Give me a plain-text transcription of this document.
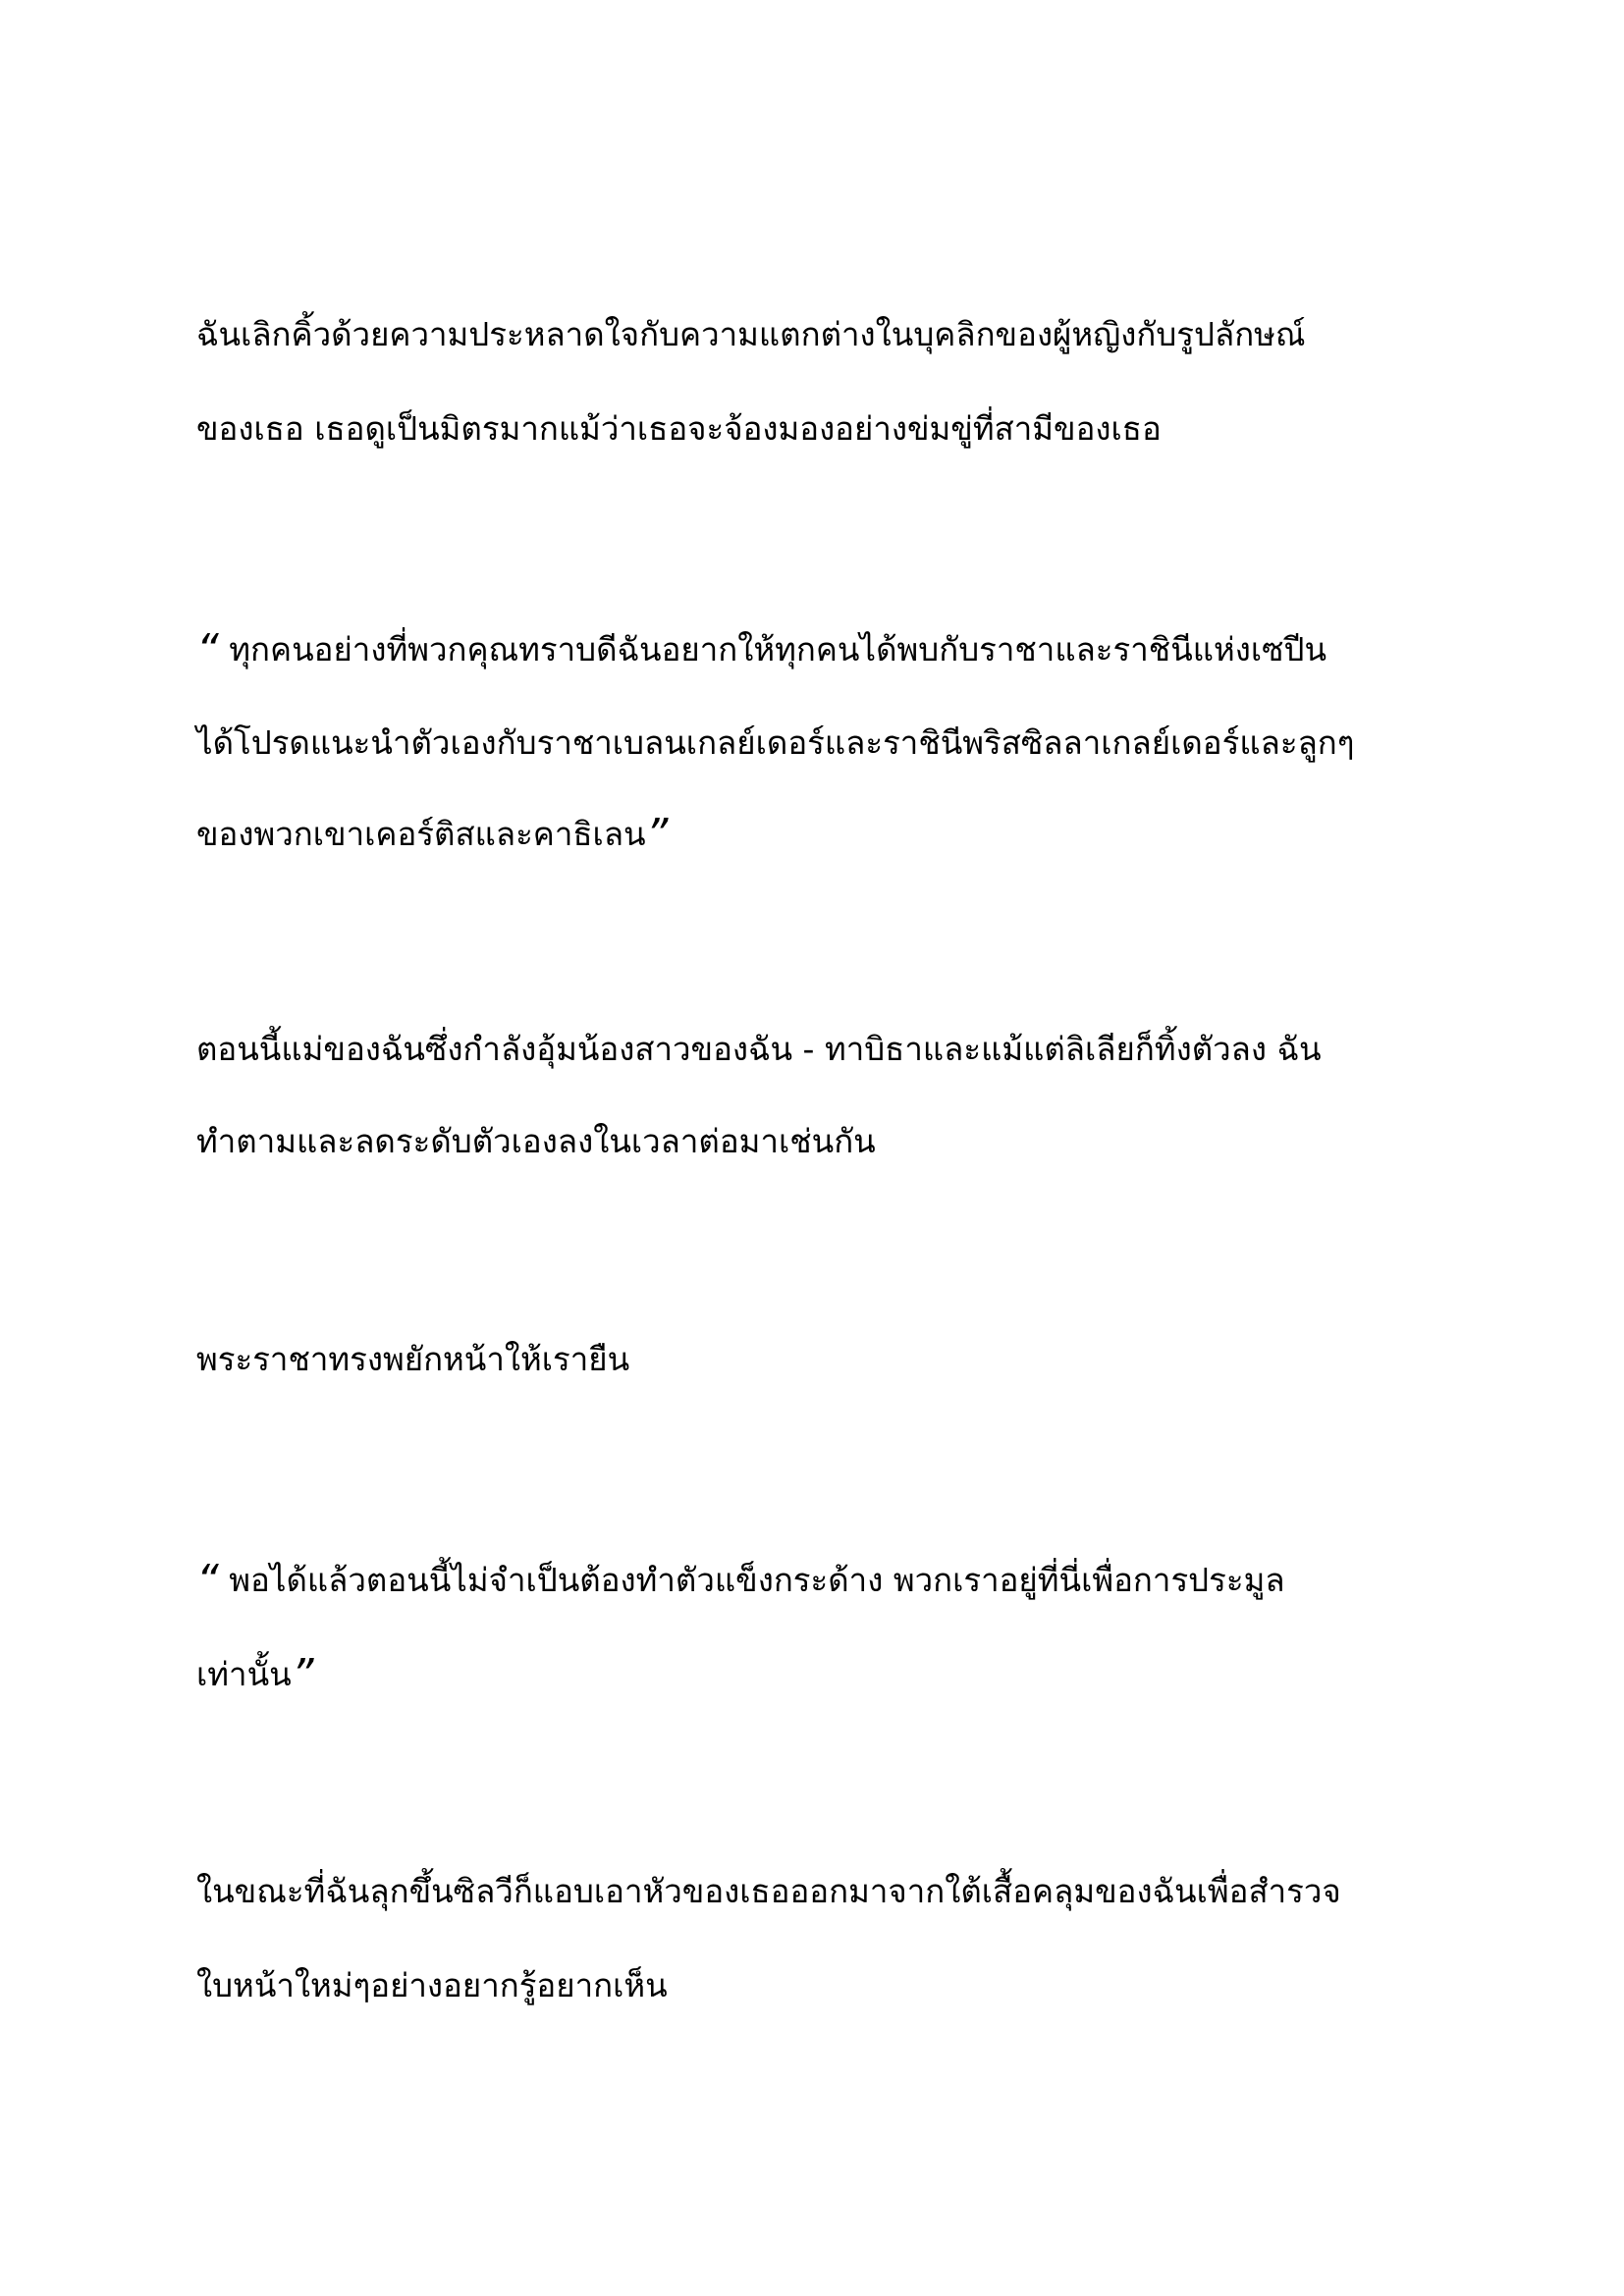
ฉันเลิกคิ้วด้วยความประหลาดใจกับความแตกต่างในบุคลิกของผู้หญิงกับรูปลักษณ์
ของเธอ เธอดูเป็นมิตรมากแม้ว่าเธอจะจ้องมองอย่างข่มขู่ที่สามีของเธอ
“ ทุกคนอย่างที่พวกคุณทราบดีฉันอยากให้ทุกคนได้พบกับราชาและราชินีแห่งเซปีน
ได้โปรดแนะนำตัวเองกับราชาเบลนเกลย์เดอร์และราชินีพริสซิลลาเกลย์เดอร์และลูกๆ
ของพวกเขาเคอร์ติสและคาธิเลน”
ตอนนี้แม่ของฉันซึ่งกำลังอุ้มน้องสาวของฉัน - ทาบิธาและแม้แต่ลิเลียก็ทิ้งตัวลง ฉัน
ทำตามและลดระดับตัวเองลงในเวลาต่อมาเช่นกัน
พระราชาทรงพยักหน้าให้เรายืน
“ พอได้แล้วตอนนี้ไม่จำเป็นต้องทำตัวแข็งกระด้าง พวกเราอยู่ที่นี่เพื่อการประมูล
เท่านั้น”
ในขณะที่ฉันลุกขึ้นซิลวีก็แอบเอาหัวของเธอออกมาจากใต้เสื้อคลุมของฉันเพื่อสำรวจ
ใบหน้าใหม่ๆอย่างอยากรู้อยากเห็น
